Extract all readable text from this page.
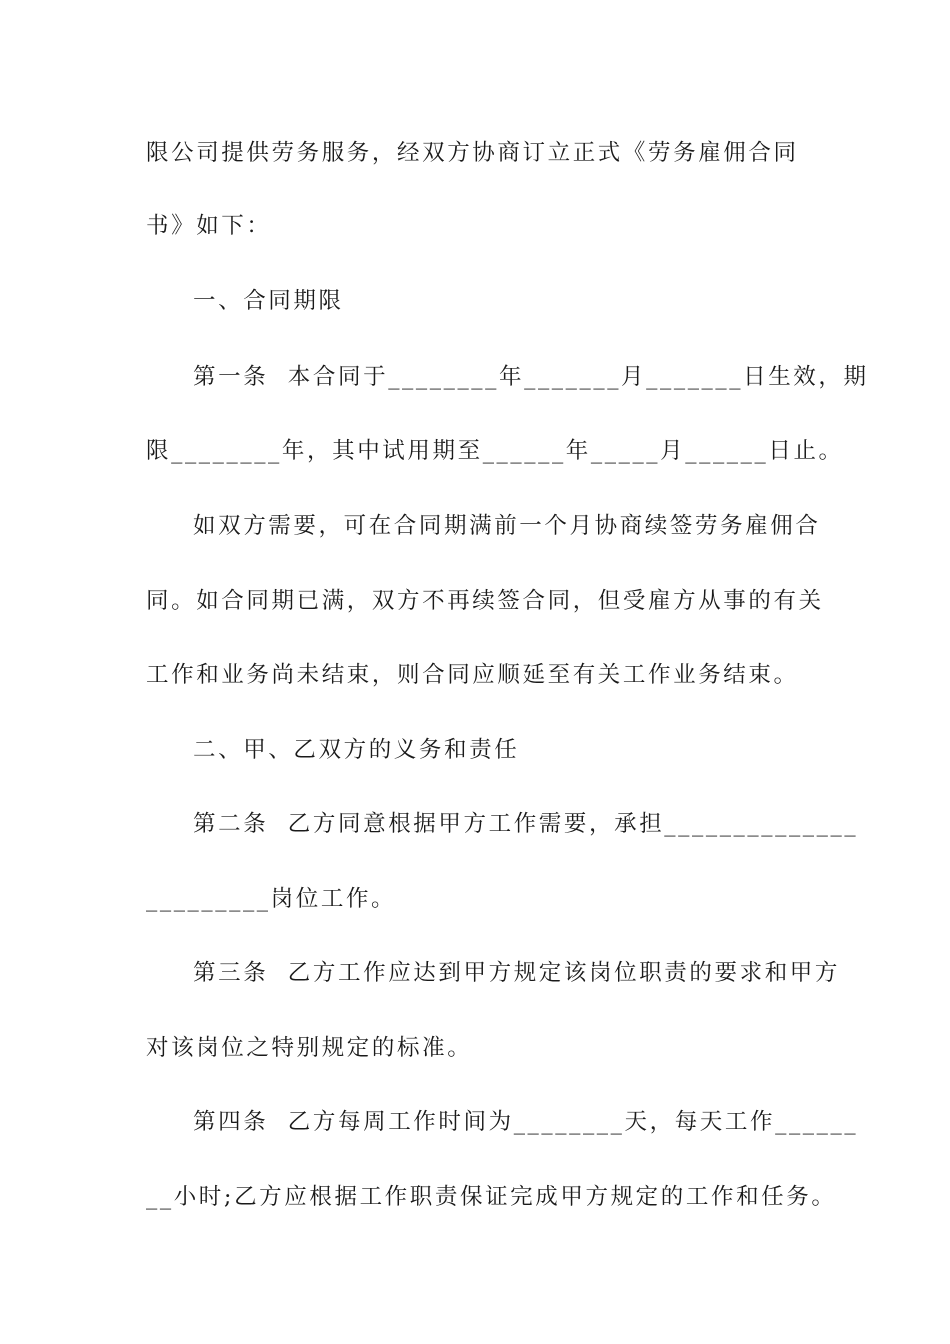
限公司提供劳务服务，经双方协商订立正式《劳务雇佣合同
书》如下：
一、合同期限
第一条  本合同于________年_______月_______日生效，期
限________年，其中试用期至______年_____月______日止。
如双方需要，可在合同期满前一个月协商续签劳务雇佣合
同。如合同期已满，双方不再续签合同，但受雇方从事的有关
工作和业务尚未结束，则合同应顺延至有关工作业务结束。
二、甲、乙双方的义务和责任
第二条  乙方同意根据甲方工作需要，承担______________
_________岗位工作。
第三条  乙方工作应达到甲方规定该岗位职责的要求和甲方
对该岗位之特别规定的标准。
第四条  乙方每周工作时间为________天，每天工作______
__小时;乙方应根据工作职责保证完成甲方规定的工作和任务。
